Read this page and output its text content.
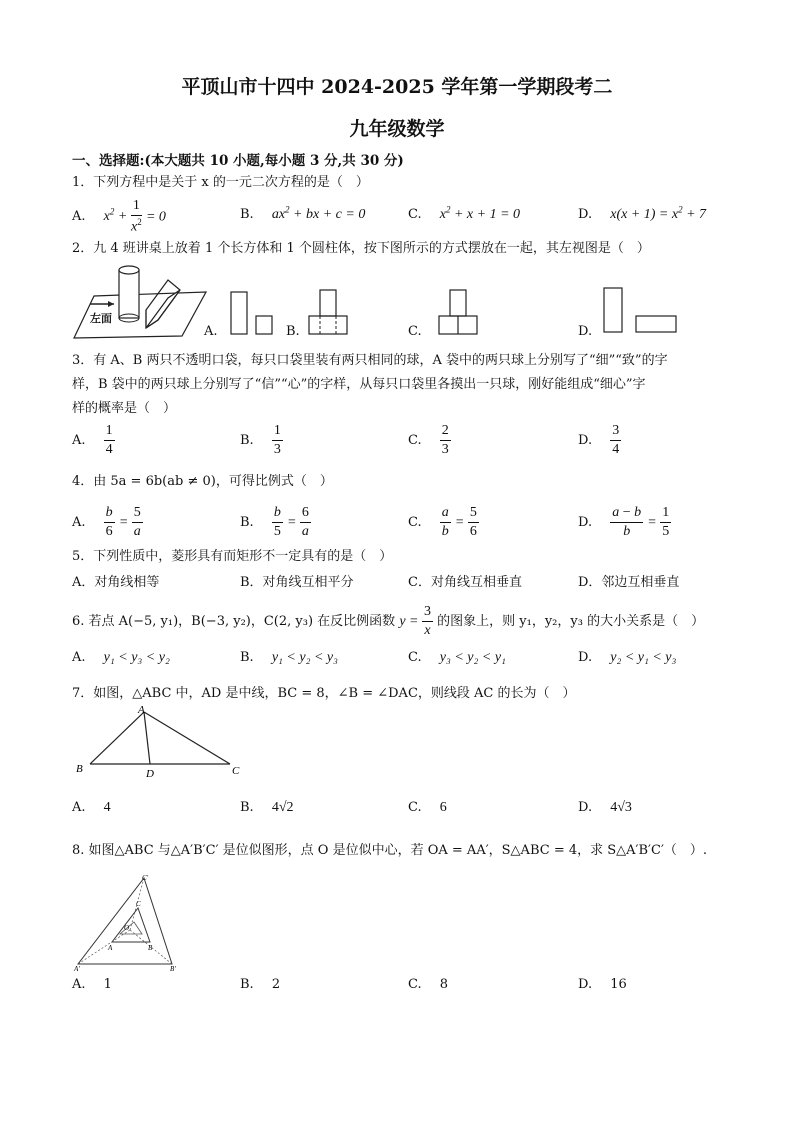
平顶山市十四中 2024-2025 学年第一学期段考二
九年级数学
一、选择题:(本大题共 10 小题,每小题 3 分,共 30 分)
1．下列方程中是关于 x 的一元二次方程的是（　）
A. $x^2 + \frac{1}{x^2} = 0$	B. $ax^2$ + bx + c = 0	C. $x^2 + x + 1 = 0$	D. $x(x + 1) = x^2 + 7$
2．九 4 班讲桌上放着 1 个长方体和 1 个圆柱体，按下图所示的方式摆放在一起，其左视图是（　）
左面
A.	B.	C.	D.
3．有 A、B 两只不透明口袋，每只口袋里装有两只相同的球，A 袋中的两只球上分别写了“细”“致”的字
样，B 袋中的两只球上分别写了“信”“心”的字样，从每只口袋里各摸出一只球，刚好能组成“细心”字
样的概率是（　）
A. $\frac{1}{4}$	B. $\frac{1}{3}$	C. $\frac{2}{3}$	D. $\frac{3}{4}$
4．由 5a = 6b(ab ≠ 0)，可得比例式（　）
A. $\frac{b}{6} = \frac{5}{a}$	B. $\frac{b}{5} = \frac{6}{a}$	C. $\frac{a}{b} = \frac{5}{6}$	D. $\frac{a - b}{b} = \frac{1}{5}$
5．下列性质中，菱形具有而矩形不一定具有的是（　）
A．对角线相等	B．对角线互相平分	C．对角线互相垂直	D．邻边互相垂直
6. 若点 A(−5, y₁)，B(−3, y₂)，C(2, y₃) 在反比例函数 $y = \frac{3}{x}$ 的图象上，则 y₁，y₂，y₃ 的大小关系是（　）
A. y₁ < y₃ < y₂	B. y₁ < y₂ < y₃	C. y₃ < y₂ < y₁	D. y₂ < y₁ < y₃
7．如图，△ABC 中，AD 是中线，BC = 8，∠B = ∠DAC，则线段 AC 的长为（　）
A
B	D	C
A. 4	B. 4√2	C. 6	D. 4√3
8. 如图△ABC 与△A′B′C′ 是位似图形，点 O 是位似中心，若 OA = AA′，S△ABC = 4，求 S△A′B′C′（　）.
C′
C
O
A	B
A′	B′
A. 1	B. 2	C. 8	D. 16
